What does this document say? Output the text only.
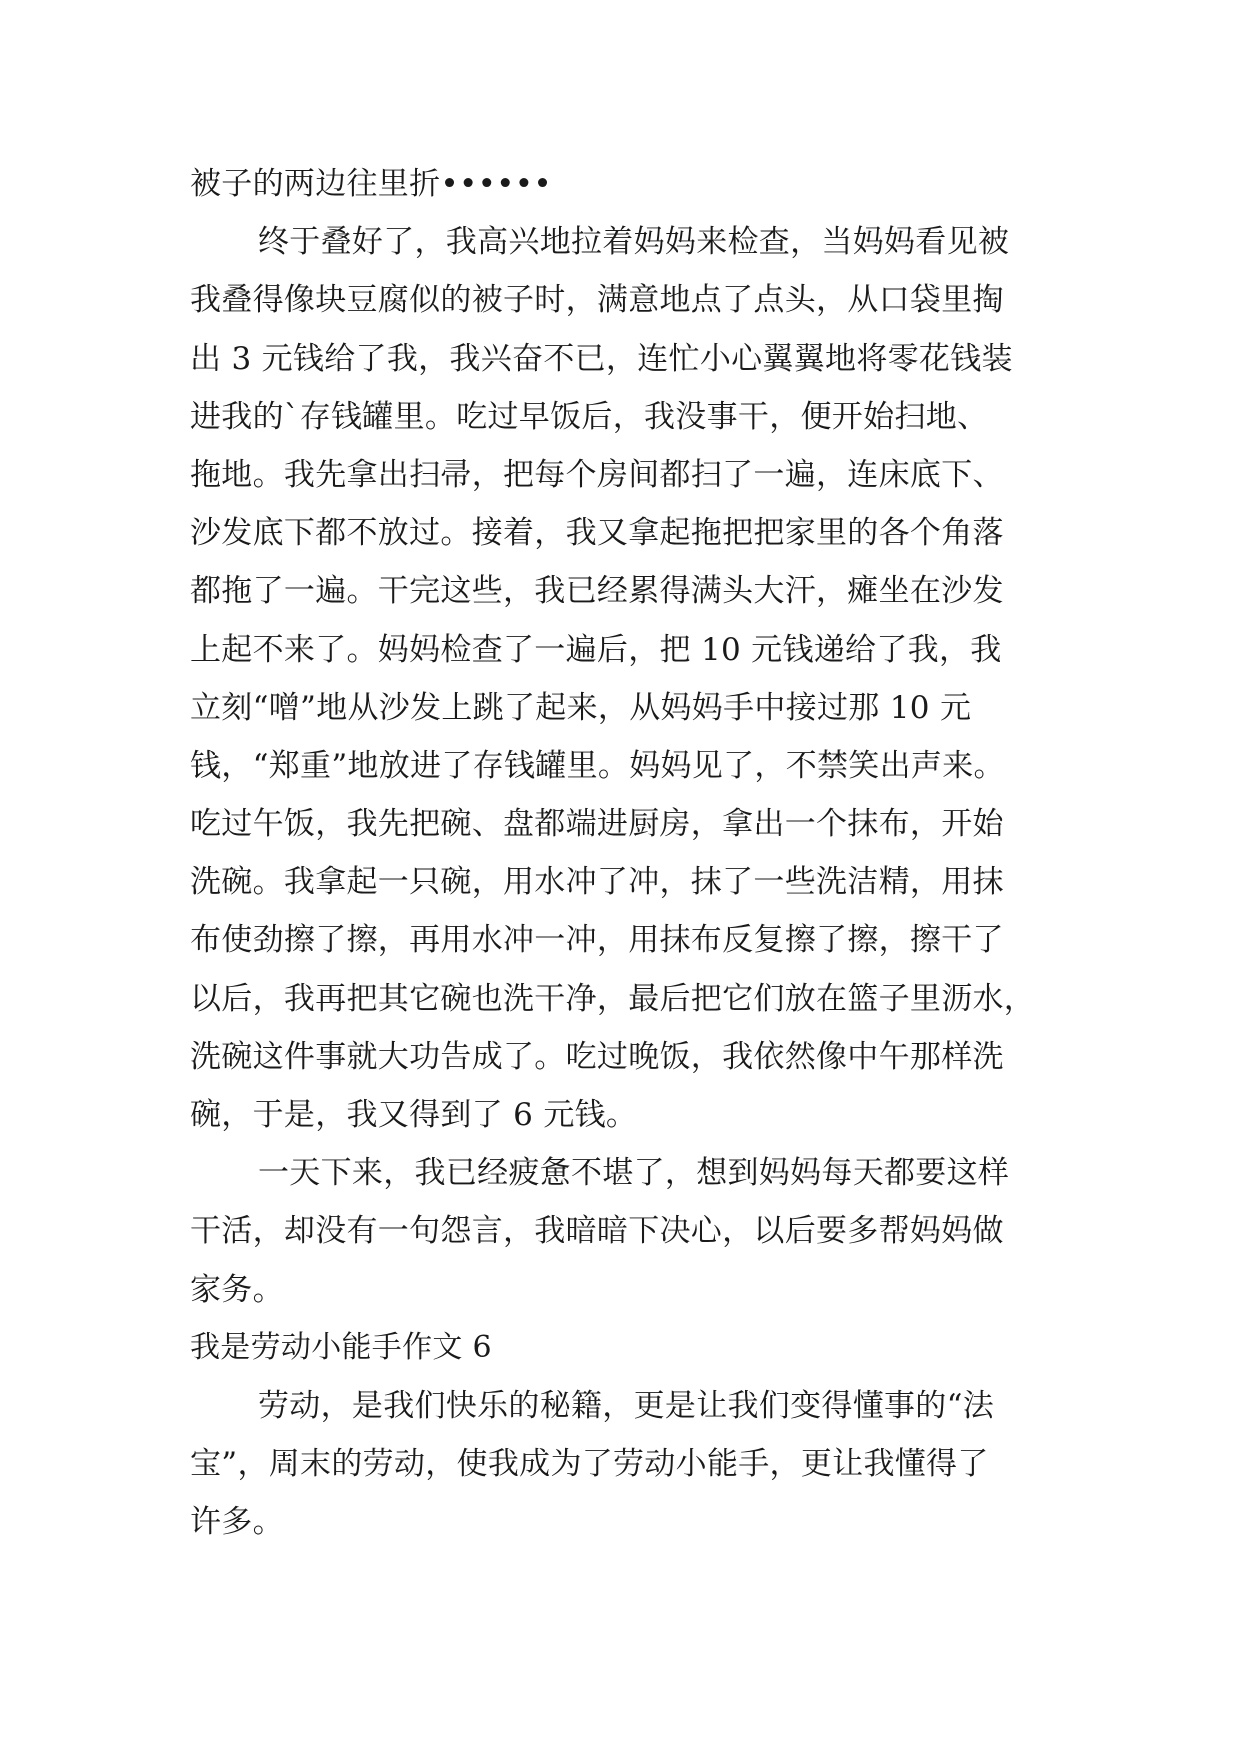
被子的两边往里折••••••
终于叠好了，我高兴地拉着妈妈来检查，当妈妈看见被
我叠得像块豆腐似的被子时，满意地点了点头，从口袋里掏
出 3 元钱给了我，我兴奋不已，连忙小心翼翼地将零花钱装
进我的`存钱罐里。吃过早饭后，我没事干，便开始扫地、
拖地。我先拿出扫帚，把每个房间都扫了一遍，连床底下、
沙发底下都不放过。接着，我又拿起拖把把家里的各个角落
都拖了一遍。干完这些，我已经累得满头大汗，瘫坐在沙发
上起不来了。妈妈检查了一遍后，把 10 元钱递给了我，我
立刻“噌”地从沙发上跳了起来，从妈妈手中接过那 10 元
钱，“郑重”地放进了存钱罐里。妈妈见了，不禁笑出声来。
吃过午饭，我先把碗、盘都端进厨房，拿出一个抹布，开始
洗碗。我拿起一只碗，用水冲了冲，抹了一些洗洁精，用抹
布使劲擦了擦，再用水冲一冲，用抹布反复擦了擦，擦干了
以后，我再把其它碗也洗干净，最后把它们放在篮子里沥水，
洗碗这件事就大功告成了。吃过晚饭，我依然像中午那样洗
碗，于是，我又得到了 6 元钱。
一天下来，我已经疲惫不堪了，想到妈妈每天都要这样
干活，却没有一句怨言，我暗暗下决心，以后要多帮妈妈做
家务。
我是劳动小能手作文 6
劳动，是我们快乐的秘籍，更是让我们变得懂事的“法
宝”，周末的劳动，使我成为了劳动小能手，更让我懂得了
许多。
